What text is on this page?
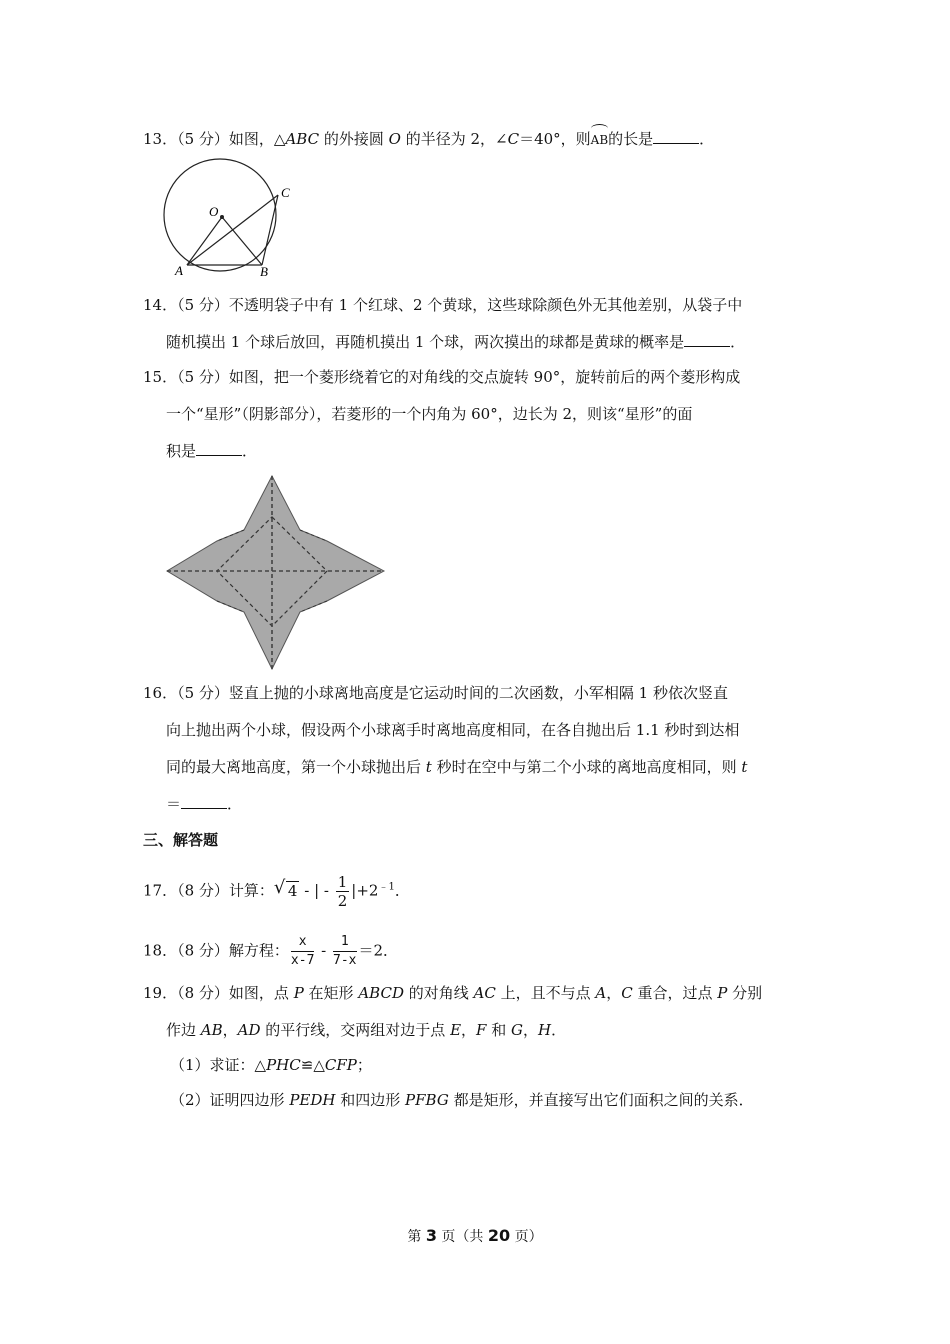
13．（5 分）如图，△ABC 的外接圆 O 的半径为 2，∠C＝40°，则AB的长是	．
O
A	B
C
14．（5 分）不透明袋子中有 1 个红球、2 个黄球，这些球除颜色外无其他差别，从袋子中
随机摸出 1 个球后放回，再随机摸出 1 个球，两次摸出的球都是黄球的概率是	．
15．（5 分）如图，把一个菱形绕着它的对角线的交点旋转 90°，旋转前后的两个菱形构成
一个“星形”（阴影部分），若菱形的一个内角为 60°，边长为 2，则该“星形”的面
积是	．
16．（5 分）竖直上抛的小球离地高度是它运动时间的二次函数，小军相隔 1 秒依次竖直
向上抛出两个小球，假设两个小球离手时离地高度相同，在各自抛出后 1.1 秒时到达相
同的最大离地高度，第一个小球抛出后 t 秒时在空中与第二个小球的离地高度相同，则 t
＝	．
三、解答题
17．（8 分）计算： √ 4 - | - $\frac{1}{2} |+2^{﹣1}$．
18．（8 分）解方程： $\frac{x}{x-7} - \frac{1}{7-x} =2$．
19．（8 分）如图，点 P 在矩形 ABCD 的对角线 AC 上，且不与点 A，C 重合，过点 P 分别
作边 AB，AD 的平行线，交两组对边于点 E，F 和 G，H．
（1）求证：△PHC≌△CFP；
（2）证明四边形 PEDH 和四边形 PFBG 都是矩形，并直接写出它们面积之间的关系．
第 3 页（共 20 页）
